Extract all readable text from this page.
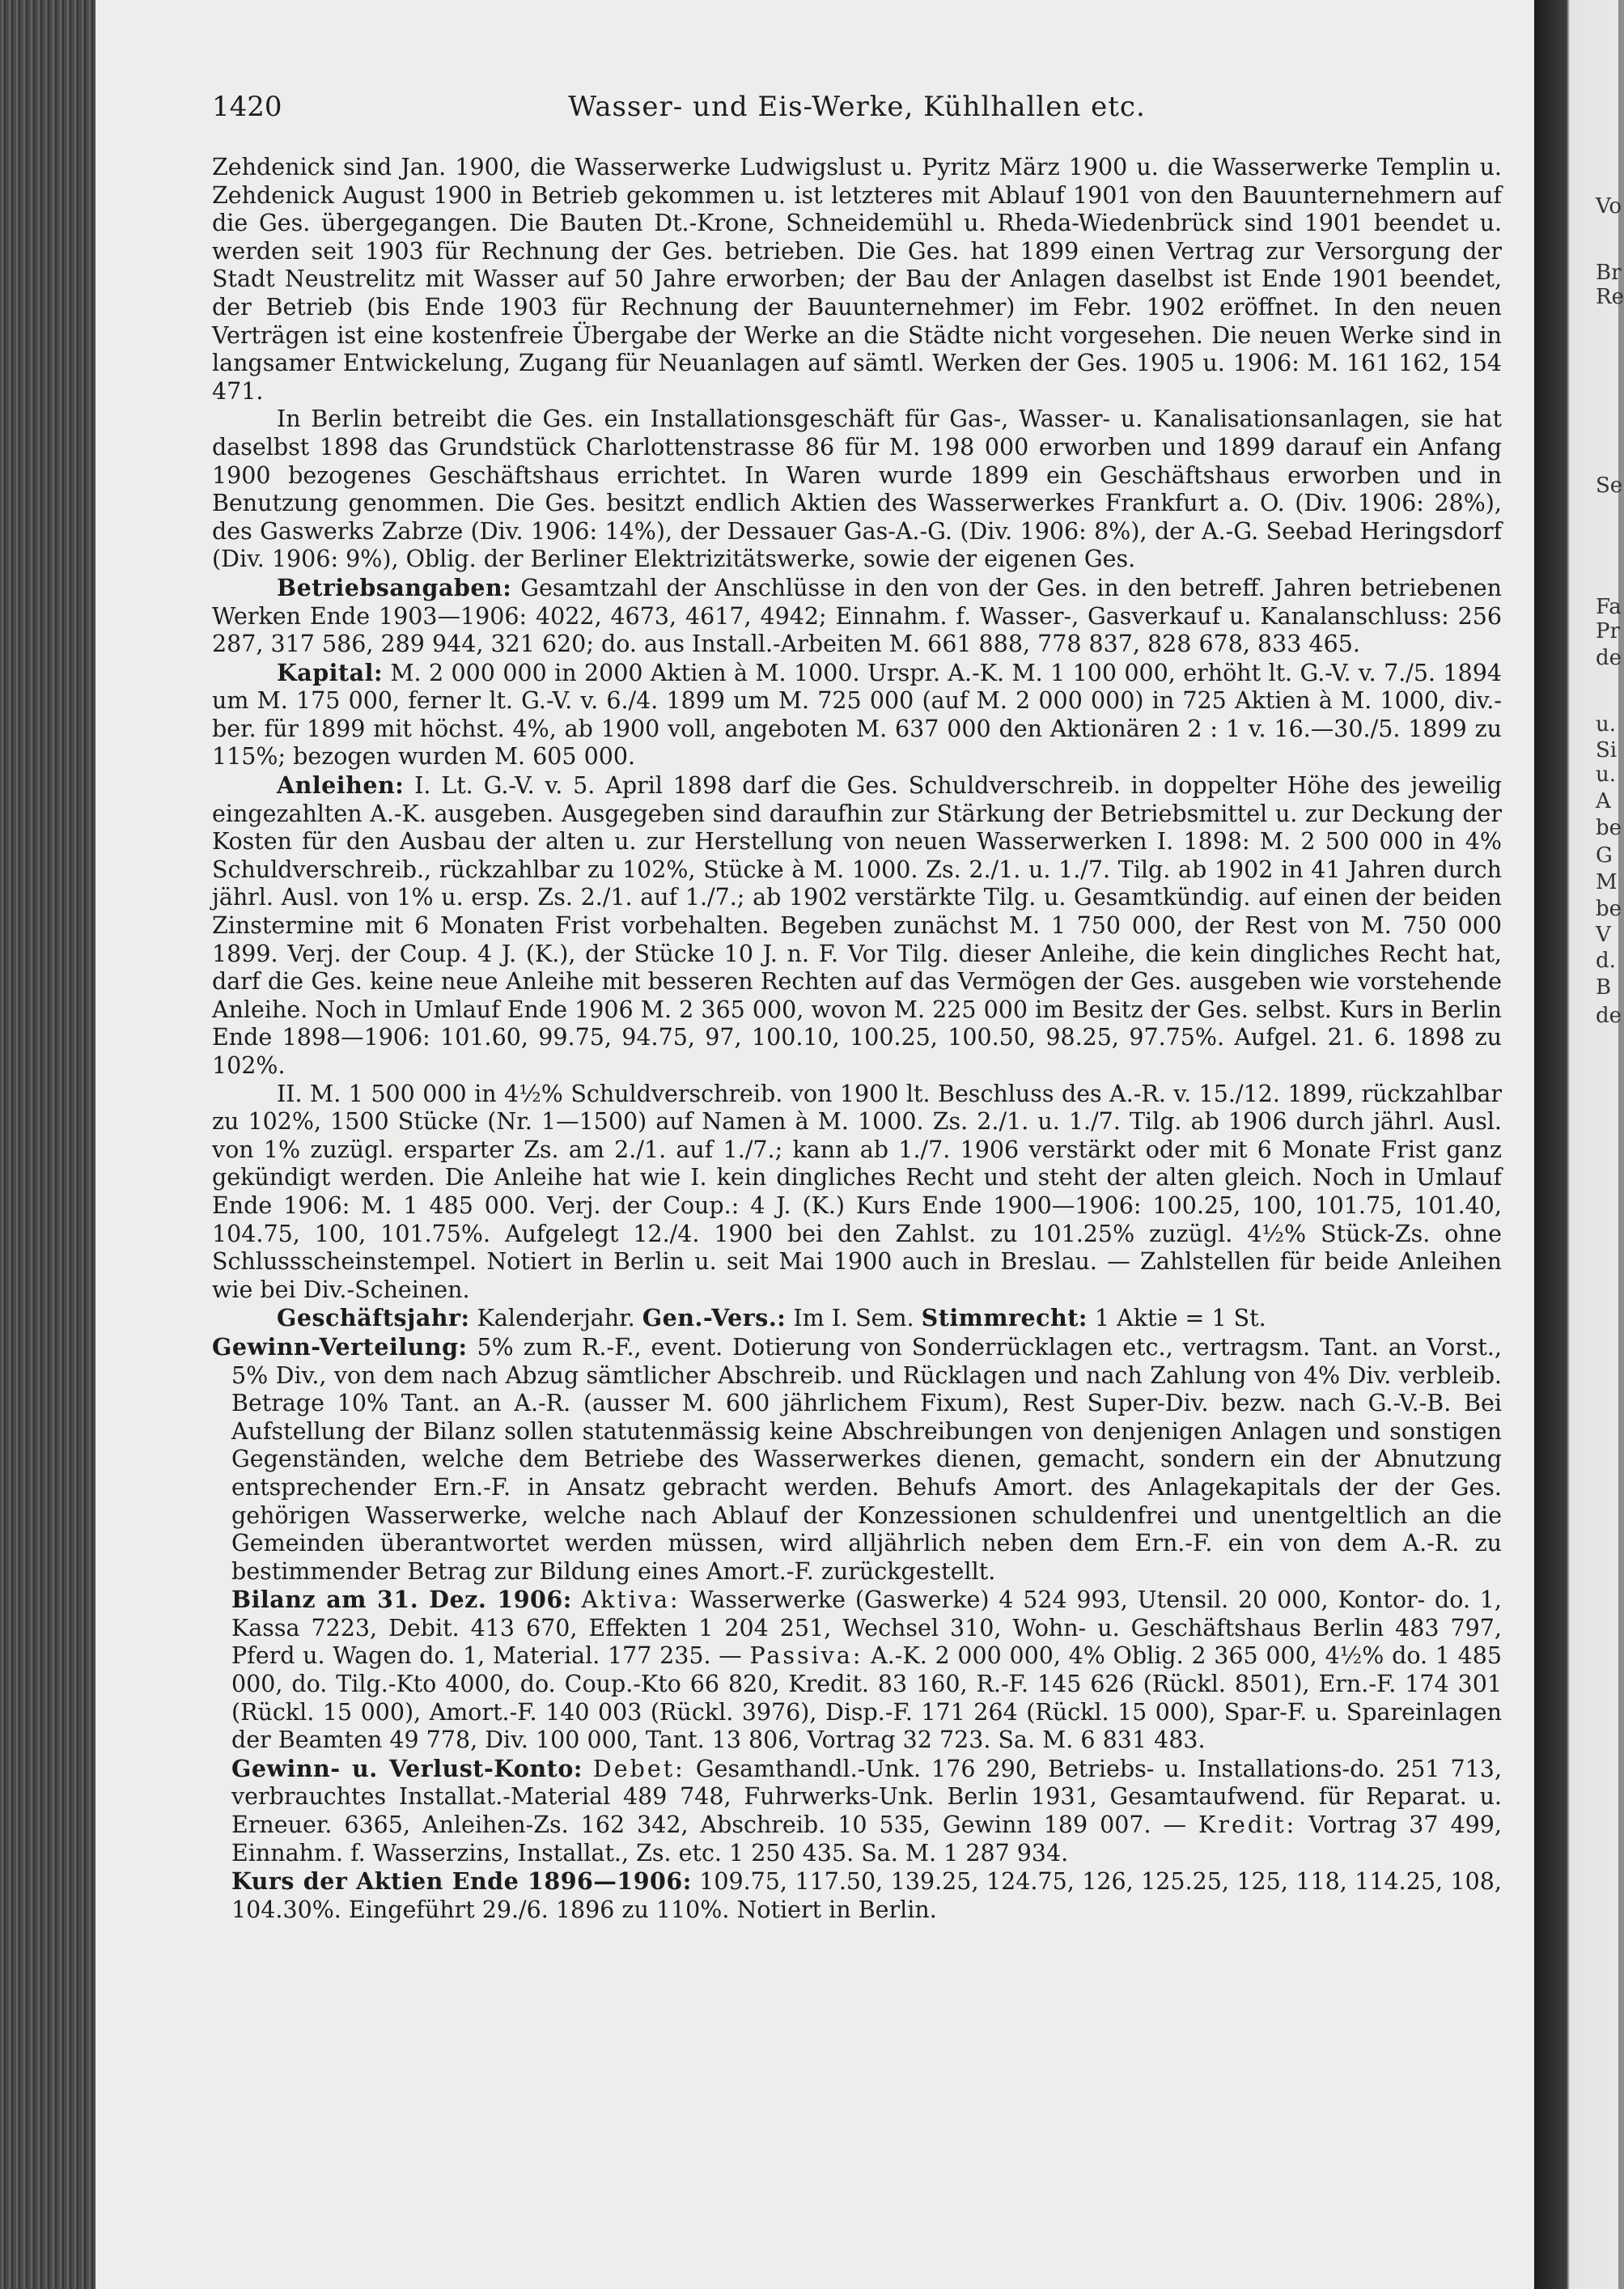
Vo
Br
Re
Se
Fa
Pr
de
u.
Si
u.
A
be
G
M
be
V
d.
B
de
1420	Wasser- und Eis-Werke, Kühlhallen etc.

Zehdenick sind Jan. 1900, die Wasserwerke Ludwigslust u. Pyritz März 1900 u. die Wasserwerke Templin u. Zehdenick August 1900 in Betrieb gekommen u. ist letzteres mit Ablauf 1901 von den Bauunternehmern auf die Ges. übergegangen. Die Bauten Dt.-Krone, Schneidemühl u. Rheda-Wiedenbrück sind 1901 beendet u. werden seit 1903 für Rechnung der Ges. betrieben. Die Ges. hat 1899 einen Vertrag zur Versorgung der Stadt Neustrelitz mit Wasser auf 50 Jahre erworben; der Bau der Anlagen daselbst ist Ende 1901 beendet, der Betrieb (bis Ende 1903 für Rechnung der Bauunternehmer) im Febr. 1902 eröffnet. In den neuen Verträgen ist eine kostenfreie Übergabe der Werke an die Städte nicht vorgesehen. Die neuen Werke sind in langsamer Entwickelung, Zugang für Neuanlagen auf sämtl. Werken der Ges. 1905 u. 1906: M. 161 162, 154 471.

In Berlin betreibt die Ges. ein Installationsgeschäft für Gas-, Wasser- u. Kanalisationsanlagen, sie hat daselbst 1898 das Grundstück Charlottenstrasse 86 für M. 198 000 erworben und 1899 darauf ein Anfang 1900 bezogenes Geschäftshaus errichtet. In Waren wurde 1899 ein Geschäftshaus erworben und in Benutzung genommen. Die Ges. besitzt endlich Aktien des Wasserwerkes Frankfurt a. O. (Div. 1906: 28%), des Gaswerks Zabrze (Div. 1906: 14%), der Dessauer Gas-A.-G. (Div. 1906: 8%), der A.-G. Seebad Heringsdorf (Div. 1906: 9%), Oblig. der Berliner Elektrizitätswerke, sowie der eigenen Ges.

Betriebsangaben: Gesamtzahl der Anschlüsse in den von der Ges. in den betreff. Jahren betriebenen Werken Ende 1903—1906: 4022, 4673, 4617, 4942; Einnahm. f. Wasser-, Gasverkauf u. Kanalanschluss: 256 287, 317 586, 289 944, 321 620; do. aus Install.-Arbeiten M. 661 888, 778 837, 828 678, 833 465.

Kapital: M. 2 000 000 in 2000 Aktien à M. 1000. Urspr. A.-K. M. 1 100 000, erhöht lt. G.-V. v. 7./5. 1894 um M. 175 000, ferner lt. G.-V. v. 6./4. 1899 um M. 725 000 (auf M. 2 000 000) in 725 Aktien à M. 1000, div.-ber. für 1899 mit höchst. 4%, ab 1900 voll, angeboten M. 637 000 den Aktionären 2 : 1 v. 16.—30./5. 1899 zu 115%; bezogen wurden M. 605 000.

Anleihen: I. Lt. G.-V. v. 5. April 1898 darf die Ges. Schuldverschreib. in doppelter Höhe des jeweilig eingezahlten A.-K. ausgeben. Ausgegeben sind daraufhin zur Stärkung der Betriebsmittel u. zur Deckung der Kosten für den Ausbau der alten u. zur Herstellung von neuen Wasserwerken I. 1898: M. 2 500 000 in 4% Schuldverschreib., rückzahlbar zu 102%, Stücke à M. 1000. Zs. 2./1. u. 1./7. Tilg. ab 1902 in 41 Jahren durch jährl. Ausl. von 1% u. ersp. Zs. 2./1. auf 1./7.; ab 1902 verstärkte Tilg. u. Gesamtkündig. auf einen der beiden Zinstermine mit 6 Monaten Frist vorbehalten. Begeben zunächst M. 1 750 000, der Rest von M. 750 000 1899. Verj. der Coup. 4 J. (K.), der Stücke 10 J. n. F. Vor Tilg. dieser Anleihe, die kein dingliches Recht hat, darf die Ges. keine neue Anleihe mit besseren Rechten auf das Vermögen der Ges. ausgeben wie vorstehende Anleihe. Noch in Umlauf Ende 1906 M. 2 365 000, wovon M. 225 000 im Besitz der Ges. selbst. Kurs in Berlin Ende 1898—1906: 101.60, 99.75, 94.75, 97, 100.10, 100.25, 100.50, 98.25, 97.75%. Aufgel. 21. 6. 1898 zu 102%.

II. M. 1 500 000 in 4½% Schuldverschreib. von 1900 lt. Beschluss des A.-R. v. 15./12. 1899, rückzahlbar zu 102%, 1500 Stücke (Nr. 1—1500) auf Namen à M. 1000. Zs. 2./1. u. 1./7. Tilg. ab 1906 durch jährl. Ausl. von 1% zuzügl. ersparter Zs. am 2./1. auf 1./7.; kann ab 1./7. 1906 verstärkt oder mit 6 Monate Frist ganz gekündigt werden. Die Anleihe hat wie I. kein dingliches Recht und steht der alten gleich. Noch in Umlauf Ende 1906: M. 1 485 000. Verj. der Coup.: 4 J. (K.) Kurs Ende 1900—1906: 100.25, 100, 101.75, 101.40, 104.75, 100, 101.75%. Aufgelegt 12./4. 1900 bei den Zahlst. zu 101.25% zuzügl. 4½% Stück-Zs. ohne Schlussscheinstempel. Notiert in Berlin u. seit Mai 1900 auch in Breslau. — Zahlstellen für beide Anleihen wie bei Div.-Scheinen.

Geschäftsjahr: Kalenderjahr. Gen.-Vers.: Im I. Sem. Stimmrecht: 1 Aktie = 1 St.

Gewinn-Verteilung: 5% zum R.-F., event. Dotierung von Sonderrücklagen etc., vertragsm. Tant. an Vorst., 5% Div., von dem nach Abzug sämtlicher Abschreib. und Rücklagen und nach Zahlung von 4% Div. verbleib. Betrage 10% Tant. an A.-R. (ausser M. 600 jährlichem Fixum), Rest Super-Div. bezw. nach G.-V.-B. Bei Aufstellung der Bilanz sollen statutenmässig keine Abschreibungen von denjenigen Anlagen und sonstigen Gegenständen, welche dem Betriebe des Wasserwerkes dienen, gemacht, sondern ein der Abnutzung entsprechender Ern.-F. in Ansatz gebracht werden. Behufs Amort. des Anlagekapitals der der Ges. gehörigen Wasserwerke, welche nach Ablauf der Konzessionen schuldenfrei und unentgeltlich an die Gemeinden überantwortet werden müssen, wird alljährlich neben dem Ern.-F. ein von dem A.-R. zu bestimmender Betrag zur Bildung eines Amort.-F. zurückgestellt.

Bilanz am 31. Dez. 1906: Aktiva: Wasserwerke (Gaswerke) 4 524 993, Utensil. 20 000, Kontor- do. 1, Kassa 7223, Debit. 413 670, Effekten 1 204 251, Wechsel 310, Wohn- u. Geschäftshaus Berlin 483 797, Pferd u. Wagen do. 1, Material. 177 235. — Passiva: A.-K. 2 000 000, 4% Oblig. 2 365 000, 4½% do. 1 485 000, do. Tilg.-Kto 4000, do. Coup.-Kto 66 820, Kredit. 83 160, R.-F. 145 626 (Rückl. 8501), Ern.-F. 174 301 (Rückl. 15 000), Amort.-F. 140 003 (Rückl. 3976), Disp.-F. 171 264 (Rückl. 15 000), Spar-F. u. Spareinlagen der Beamten 49 778, Div. 100 000, Tant. 13 806, Vortrag 32 723. Sa. M. 6 831 483.

Gewinn- u. Verlust-Konto: Debet: Gesamthandl.-Unk. 176 290, Betriebs- u. Installations-do. 251 713, verbrauchtes Installat.-Material 489 748, Fuhrwerks-Unk. Berlin 1931, Gesamtaufwend. für Reparat. u. Erneuer. 6365, Anleihen-Zs. 162 342, Abschreib. 10 535, Gewinn 189 007. — Kredit: Vortrag 37 499, Einnahm. f. Wasserzins, Installat., Zs. etc. 1 250 435. Sa. M. 1 287 934.

Kurs der Aktien Ende 1896—1906: 109.75, 117.50, 139.25, 124.75, 126, 125.25, 125, 118, 114.25, 108, 104.30%. Eingeführt 29./6. 1896 zu 110%. Notiert in Berlin.
